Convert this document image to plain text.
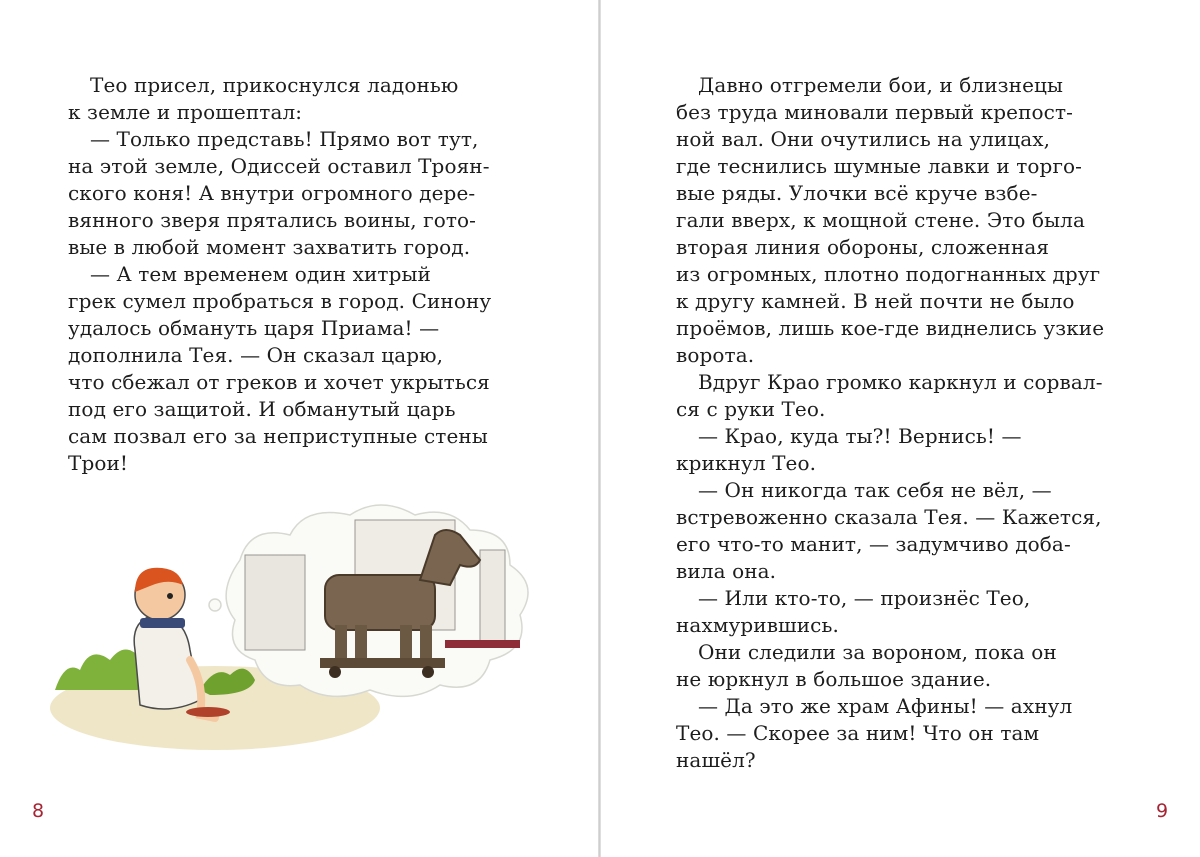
Тео присел, прикоснулся ладонью
к земле и прошептал:
— Только представь! Прямо вот тут,
на этой земле, Одиссей оставил Троян-
ского коня! А внутри огромного дере-
вянного зверя прятались воины, гото-
вые в любой момент захватить город.
— А тем временем один хитрый
грек сумел пробраться в город. Синону
удалось обмануть царя Приама! —
дополнила Тея. — Он сказал царю,
что сбежал от греков и хочет укрыться
под его защитой. И обманутый царь
сам позвал его за неприступные стены
Трои!
8
Давно отгремели бои, и близнецы
без труда миновали первый крепост-
ной вал. Они очутились на улицах,
где теснились шумные лавки и торго-
вые ряды. Улочки всё круче взбе-
гали вверх, к мощной стене. Это была
вторая линия обороны, сложенная
из огромных, плотно подогнанных друг
к другу камней. В ней почти не было
проёмов, лишь кое-где виднелись узкие
ворота.
Вдруг Крао громко каркнул и сорвал-
ся с руки Тео.
— Крао, куда ты?! Вернись! —
крикнул Тео.
— Он никогда так себя не вёл, —
встревоженно сказала Тея. — Кажется,
его что-то манит, — задумчиво доба-
вила она.
— Или кто-то, — произнёс Тео,
нахмурившись.
Они следили за вороном, пока он
не юркнул в большое здание.
— Да это же храм Афины! — ахнул
Тео. — Скорее за ним! Что он там
нашёл?
9
